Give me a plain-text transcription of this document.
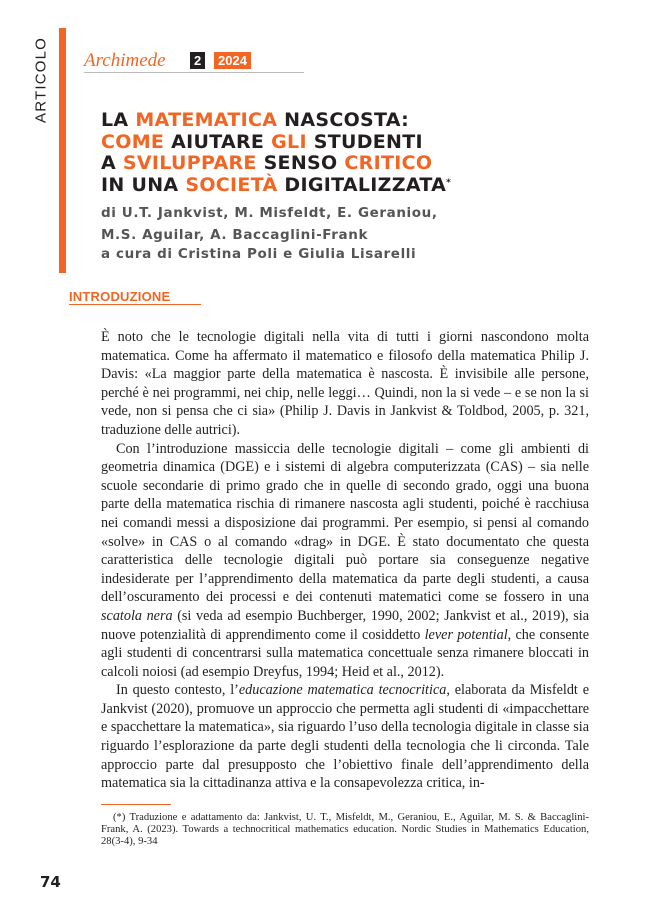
ARTICOLO Archimede	2	2024
LA MATEMATICA NASCOSTA:
COME AIUTARE GLI STUDENTI
A SVILUPPARE SENSO CRITICO
IN UNA SOCIETÀ DIGITALIZZATA*
di U.T. Jankvist, M. Misfeldt, E. Geraniou,
M.S. Aguilar, A. Baccaglini-Frank
a cura di Cristina Poli e Giulia Lisarelli
INTRODUZIONE

È noto che le tecnologie digitali nella vita di tutti i giorni nascondono molta matematica. Come ha affermato il matematico e filosofo della matematica Philip J. Davis: «La maggior parte della matematica è nascosta. È invisibile alle persone, perché è nei programmi, nei chip, nelle leggi… Quindi, non la si vede – e se non la si vede, non si pensa che ci sia» (Philip J. Davis in Jankvist & Toldbod, 2005, p. 321, traduzione delle autrici).

Con l’introduzione massiccia delle tecnologie digitali – come gli ambienti di geometria dinamica (DGE) e i sistemi di algebra computerizzata (CAS) – sia nelle scuole secondarie di primo grado che in quelle di secondo grado, oggi una buona parte della matematica rischia di rimanere nascosta agli studenti, poiché è racchiusa nei comandi messi a disposizione dai programmi. Per esempio, si pensi al comando «solve» in CAS o al comando «drag» in DGE. È stato documentato che questa caratteristica delle tecnologie digitali può portare sia conseguenze negative indesiderate per l’apprendimento della matematica da parte degli studenti, a causa dell’oscuramento dei processi e dei contenuti matematici come se fossero in una scatola nera (si veda ad esempio Buchberger, 1990, 2002; Jankvist et al., 2019), sia nuove potenzialità di apprendimento come il cosiddetto lever potential, che consente agli studenti di concentrarsi sulla matematica concettuale senza rimanere bloccati in calcoli noiosi (ad esempio Dreyfus, 1994; Heid et al., 2012).

In questo contesto, l’educazione matematica tecnocritica, elaborata da Misfeldt e Jankvist (2020), promuove un approccio che permetta agli studenti di «impacchettare e spacchettare la matematica», sia riguardo l’uso della tecnologia digitale in classe sia riguardo l’esplorazione da parte degli studenti della tecnologia che li circonda. Tale approccio parte dal presupposto che l’obiettivo finale dell’apprendimento della matematica sia la cittadinanza attiva e la consapevolezza critica, in-

(*) Traduzione e adattamento da: Jankvist, U. T., Misfeldt, M., Geraniou, E., Aguilar, M. S. & Baccaglini-Frank, A. (2023). Towards a technocritical mathematics education. Nordic Studies in Mathematics Education, 28(3-4), 9-34
74
